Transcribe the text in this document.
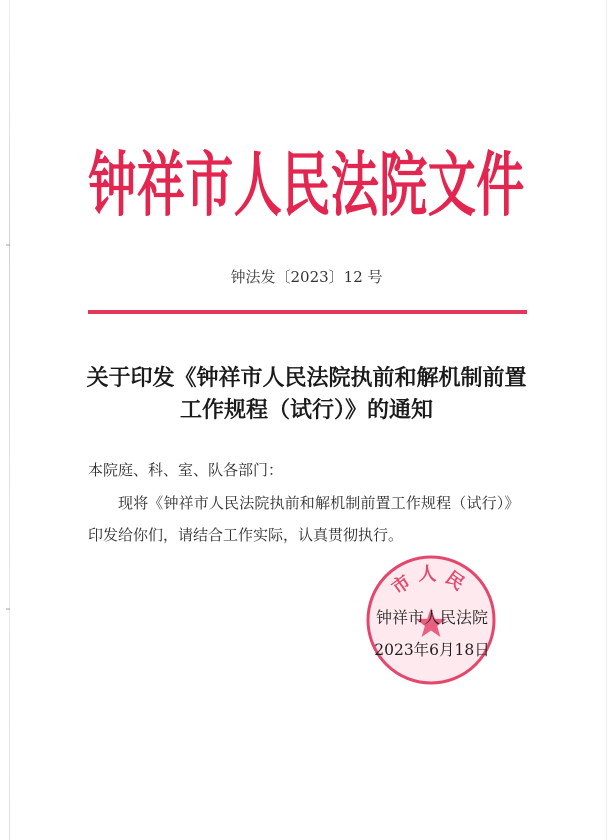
钟祥市人民法院文件
钟法发〔2023〕12 号
关于印发《钟祥市人民法院执前和解机制前置
工作规程（试行）》的通知
本院庭、科、室、队各部门：
现将《钟祥市人民法院执前和解机制前置工作规程（试行）》
印发给你们，请结合工作实际，认真贯彻执行。
市人民
钟祥市人民法院
2023年6月18日
